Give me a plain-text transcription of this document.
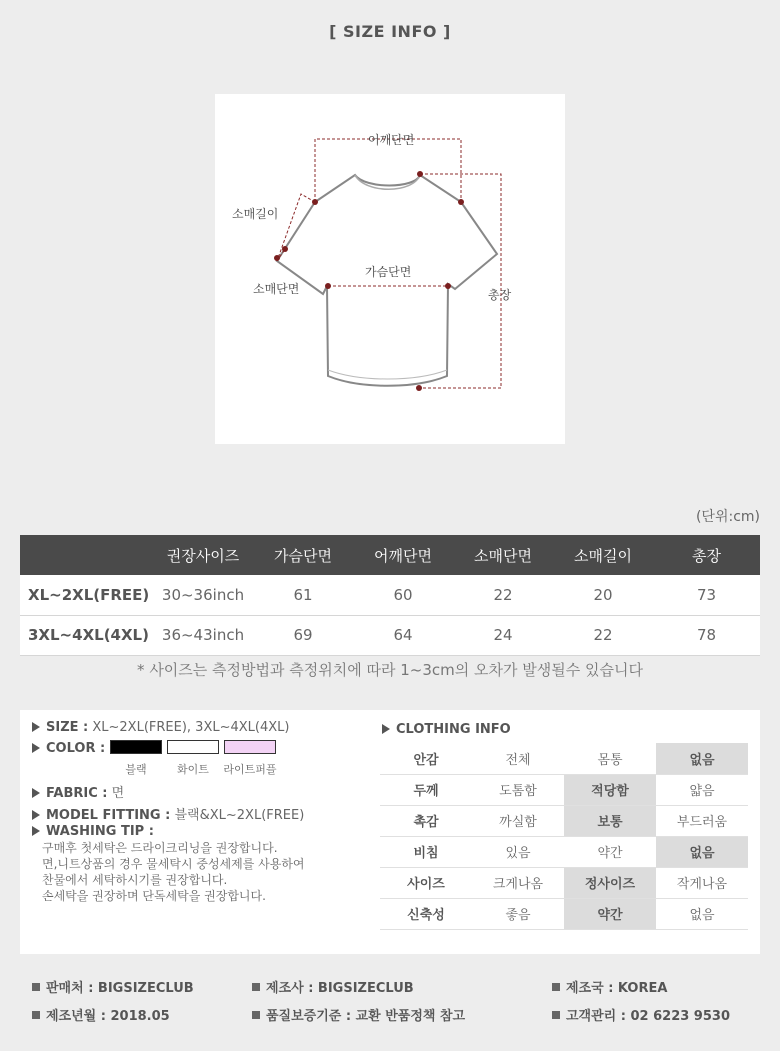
[ SIZE INFO ]
어깨단면
소매길이
가슴단면
소매단면	총장
(단위:cm)
	권장사이즈	가슴단면	어깨단면	소매단면	소매길이	총장
XL~2XL(FREE)	30~36inch	61	60	22	20	73
3XL~4XL(4XL)	36~43inch	69	64	24	22	78
* 사이즈는 측정방법과 측정위치에 따라 1~3cm의 오차가 발생될수 있습니다
SIZE : XL~2XL(FREE), 3XL~4XL(4XL)
COLOR :
블랙	화이트	라이트퍼플
FABRIC : 면
MODEL FITTING : 블랙&XL~2XL(FREE)
WASHING TIP :
구매후 첫세탁은 드라이크리닝을 권장합니다.
면,니트상품의 경우 물세탁시 중성세제를 사용하여
찬물에서 세탁하시기를 권장합니다.
손세탁을 권장하며 단독세탁을 권장합니다.
CLOTHING INFO
안감	전체	몸통	없음
두께	도톰함	적당함	얇음
촉감	까실함	보통	부드러움
비침	있음	약간	없음
사이즈	크게나옴	정사이즈	작게나옴
신축성	좋음	약간	없음
판매처 : BIGSIZECLUB	제조사 : BIGSIZECLUB	제조국 : KOREA
제조년월 : 2018.05	품질보증기준 : 교환 반품정책 참고	고객관리 : 02 6223 9530
